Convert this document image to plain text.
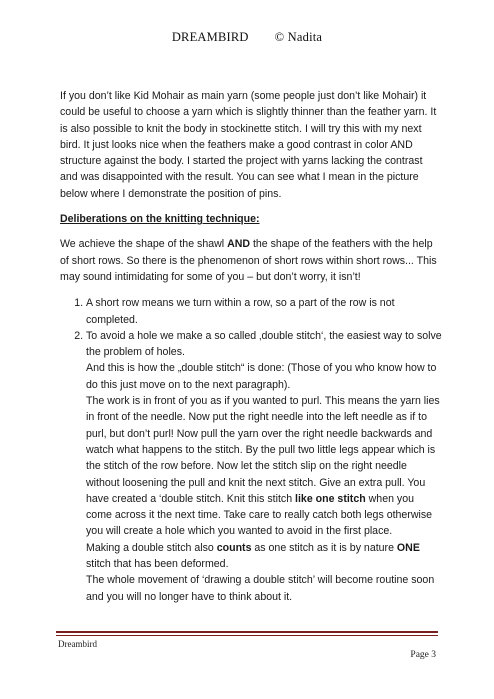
DREAMBIRD © Nadita

If you don’t like Kid Mohair as main yarn (some people just don’t like Mohair) it could be useful to choose a yarn which is slightly thinner than the feather yarn. It is also possible to knit the body in stockinette stitch. I will try this with my next bird. It just looks nice when the feathers make a good contrast in color AND structure against the body. I started the project with yarns lacking the contrast and was disappointed with the result. You can see what I mean in the picture below where I demonstrate the position of pins.

Deliberations on the knitting technique:

We achieve the shape of the shawl AND the shape of the feathers with the help of short rows. So there is the phenomenon of short rows within short rows... This may sound intimidating for some of you – but don’t worry, it isn’t!

1. A short row means we turn within a row, so a part of the row is not completed.
2. To avoid a hole we make a so called ‚double stitch‘, the easiest way to solve the problem of holes.
And this is how the „double stitch“ is done: (Those of you who know how to do this just move on to the next paragraph).
The work is in front of you as if you wanted to purl. This means the yarn lies in front of the needle. Now put the right needle into the left needle as if to purl, but don’t purl! Now pull the yarn over the right needle backwards and watch what happens to the stitch. By the pull two little legs appear which is the stitch of the row before. Now let the stitch slip on the right needle without loosening the pull and knit the next stitch. Give an extra pull. You have created a ‘double stitch. Knit this stitch like one stitch when you come across it the next time. Take care to really catch both legs otherwise you will create a hole which you wanted to avoid in the first place.
Making a double stitch also counts as one stitch as it is by nature ONE stitch that has been deformed.
The whole movement of ‘drawing a double stitch’ will become routine soon and you will no longer have to think about it.
Dreambird
Page 3
